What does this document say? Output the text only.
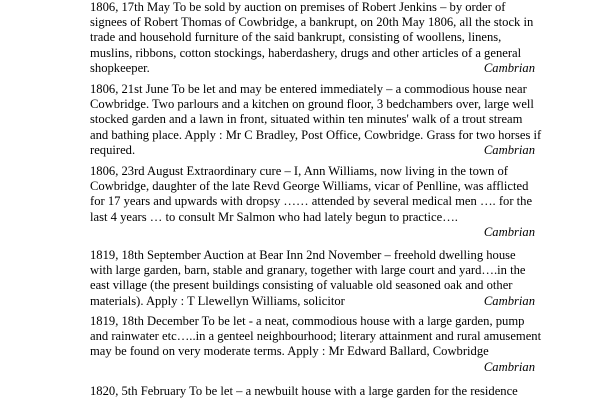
1806, 17th May To be sold by auction on premises of Robert Jenkins – by order of
signees of Robert Thomas of Cowbridge, a bankrupt, on 20th May 1806, all the stock in
trade and household furniture of the said bankrupt, consisting of woollens, linens,
muslins, ribbons, cotton stockings, haberdashery, drugs and other articles of a general
shopkeeper.	Cambrian
1806, 21st June To be let and may be entered immediately – a commodious house near
Cowbridge. Two parlours and a kitchen on ground floor, 3 bedchambers over, large well
stocked garden and a lawn in front, situated within ten minutes' walk of a trout stream
and bathing place. Apply : Mr C Bradley, Post Office, Cowbridge. Grass for two horses if
required.	Cambrian
1806, 23rd August Extraordinary cure – I, Ann Williams, now living in the town of
Cowbridge, daughter of the late Revd George Williams, vicar of Penlline, was afflicted
for 17 years and upwards with dropsy …… attended by several medical men …. for the
last 4 years … to consult Mr Salmon who had lately begun to practice….
Cambrian
1819, 18th September Auction at Bear Inn 2nd November – freehold dwelling house
with large garden, barn, stable and granary, together with large court and yard….in the
east village (the present buildings consisting of valuable old seasoned oak and other
materials). Apply : T Llewellyn Williams, solicitor	Cambrian
1819, 18th December To be let - a neat, commodious house with a large garden, pump
and rainwater etc…..in a genteel neighbourhood; literary attainment and rural amusement
may be found on very moderate terms. Apply : Mr Edward Ballard, Cowbridge
Cambrian
1820, 5th February To be let – a newbuilt house with a large garden for the residence
